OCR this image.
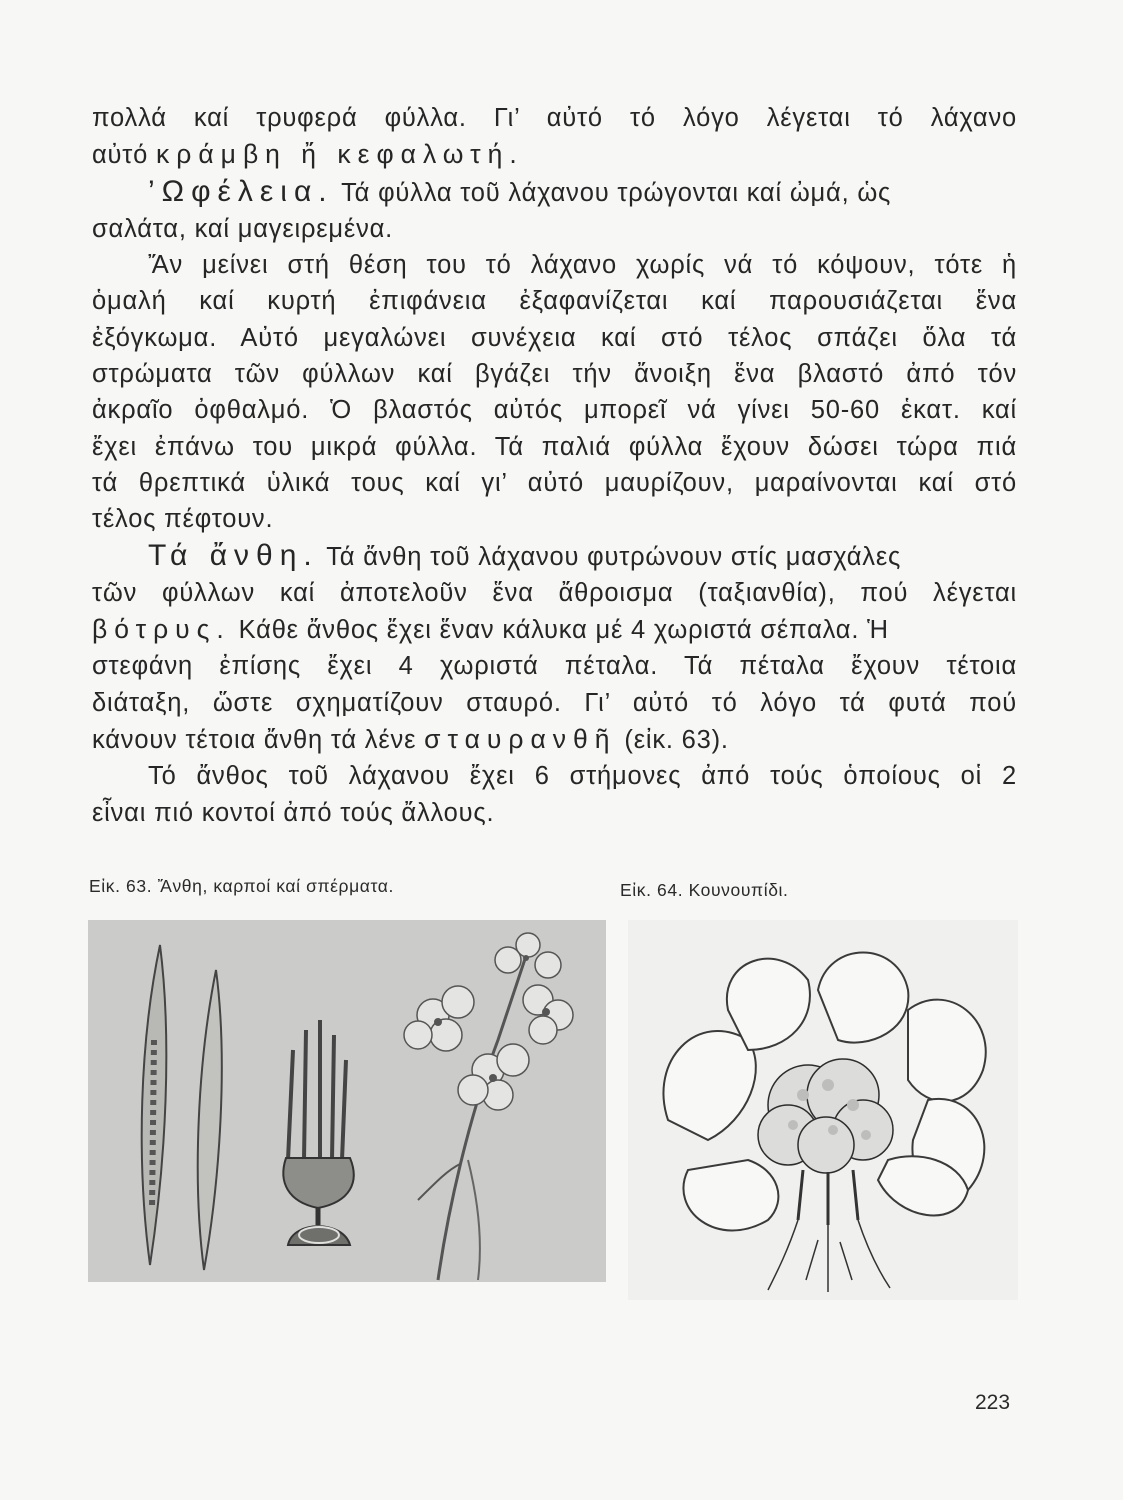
πολλά καί τρυφερά φύλλα. Γι’ αὐτό τό λόγο λέγεται τό λάχανο
αὐτό κράμβη ἤ κεφαλωτή.
’Ωφέλεια. Τά φύλλα τοῦ λάχανου τρώγονται καί ὠμά, ὡς
σαλάτα, καί μαγειρεμένα.
Ἄν μείνει στή θέση του τό λάχανο χωρίς νά τό κόψουν, τότε ἡ
ὁμαλή καί κυρτή ἐπιφάνεια ἐξαφανίζεται καί παρουσιάζεται ἕνα
ἐξόγκωμα. Αὐτό μεγαλώνει συνέχεια καί στό τέλος σπάζει ὅλα τά
στρώματα τῶν φύλλων καί βγάζει τήν ἄνοιξη ἕνα βλαστό ἀπό τόν
ἀκραῖο ὀφθαλμό. Ὁ βλαστός αὐτός μπορεῖ νά γίνει 50-60 ἑκατ. καί
ἔχει ἐπάνω του μικρά φύλλα. Τά παλιά φύλλα ἔχουν δώσει τώρα πιά
τά θρεπτικά ὑλικά τους καί γι’ αὐτό μαυρίζουν, μαραίνονται καί στό
τέλος πέφτουν.
Τά ἄνθη. Τά ἄνθη τοῦ λάχανου φυτρώνουν στίς μασχάλες
τῶν φύλλων καί ἀποτελοῦν ἕνα ἄθροισμα (ταξιανθία), πού λέγεται
βότρυς. Κάθε ἄνθος ἔχει ἕναν κάλυκα μέ 4 χωριστά σέπαλα. Ἡ
στεφάνη ἐπίσης ἔχει 4 χωριστά πέταλα. Τά πέταλα ἔχουν τέτοια
διάταξη, ὥστε σχηματίζουν σταυρό. Γι’ αὐτό τό λόγο τά φυτά πού
κάνουν τέτοια ἄνθη τά λένε σταυρανθῆ (εἰκ. 63).
Τό ἄνθος τοῦ λάχανου ἔχει 6 στήμονες ἀπό τούς ὁποίους οἱ 2
εἶναι πιό κοντοί ἀπό τούς ἄλλους.
Εἰκ. 63. Ἄνθη, καρποί καί σπέρματα.	Εἰκ. 64. Κουνουπίδι.
223
